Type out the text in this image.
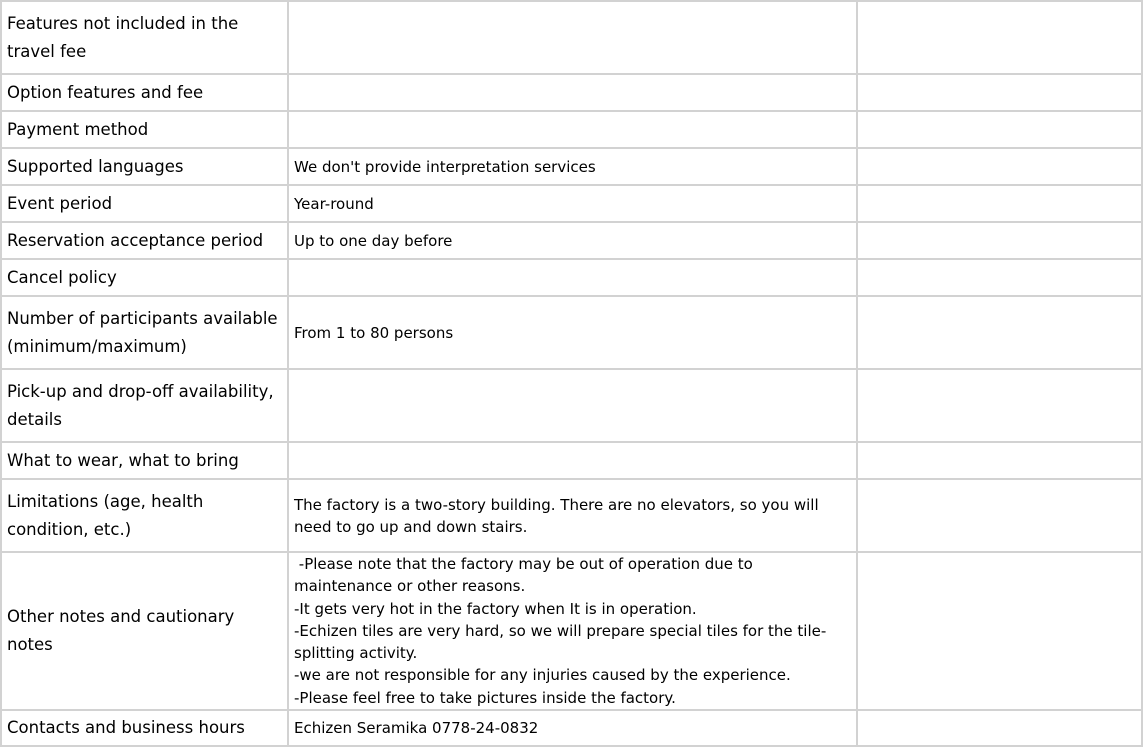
Features not included in the travel fee		
Option features and fee		
Payment method		
Supported languages	We don't provide interpretation services	
Event period	Year-round	
Reservation acceptance period	Up to one day before	
Cancel policy		
Number of participants available (minimum/maximum)	From 1 to 80 persons	
Pick-up and drop-off availability, details		
What to wear, what to bring		
Limitations (age, health condition, etc.)	The factory is a two-story building. There are no elevators, so you will need to go up and down stairs.	
Other notes and cautionary notes	-Please note that the factory may be out of operation due to maintenance or other reasons.
-It gets very hot in the factory when It is in operation.
-Echizen tiles are very hard, so we will prepare special tiles for the tile-splitting activity.
-we are not responsible for any injuries caused by the experience.
-Please feel free to take pictures inside the factory.	

Contacts and business hours	Echizen Seramika 0778-24-0832	
